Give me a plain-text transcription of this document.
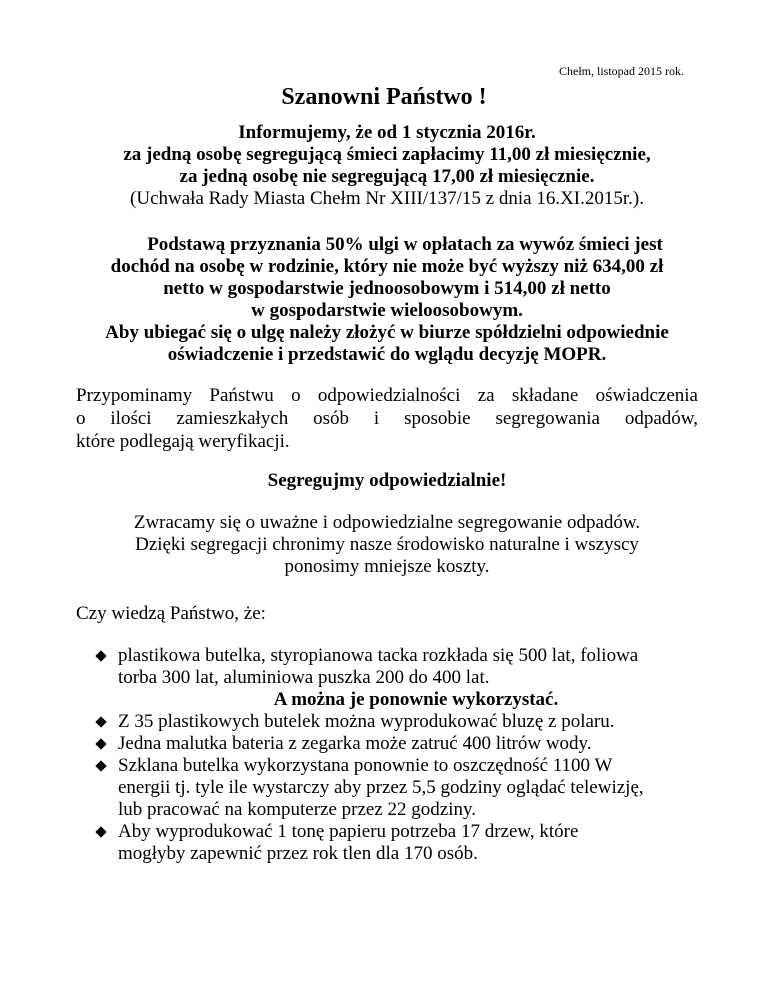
Chełm, listopad 2015 rok.
Szanowni Państwo !
Informujemy, że od 1 stycznia 2016r.
za jedną osobę segregującą śmieci zapłacimy 11,00 zł miesięcznie,
za jedną osobę nie segregującą 17,00 zł miesięcznie.
(Uchwała Rady Miasta Chełm Nr XIII/137/15 z dnia 16.XI.2015r.).
Podstawą przyznania 50% ulgi w opłatach za wywóz śmieci jest
dochód na osobę w rodzinie, który nie może być wyższy niż 634,00 zł
netto w gospodarstwie jednoosobowym i 514,00 zł netto
w gospodarstwie wieloosobowym.
Aby ubiegać się o ulgę należy złożyć w biurze spółdzielni odpowiednie
oświadczenie i przedstawić do wglądu decyzję MOPR.
Przypominamy Państwu o odpowiedzialności za składane oświadczenia
o ilości zamieszkałych osób i sposobie segregowania odpadów,
które podlegają weryfikacji.
Segregujmy odpowiedzialnie!
Zwracamy się o uważne i odpowiedzialne segregowanie odpadów.
Dzięki segregacji chronimy nasze środowisko naturalne i wszyscy
ponosimy mniejsze koszty.
Czy wiedzą Państwo, że:
plastikowa butelka, styropianowa tacka rozkłada się 500 lat, foliowa
torba 300 lat, aluminiowa puszka 200 do 400 lat.
A można je ponownie wykorzystać.
Z 35 plastikowych butelek można wyprodukować bluzę z polaru.
Jedna malutka bateria z zegarka może zatruć 400 litrów wody.
Szklana butelka wykorzystana ponownie to oszczędność 1100 W
energii tj. tyle ile wystarczy aby przez 5,5 godziny oglądać telewizję,
lub pracować na komputerze przez 22 godziny.
Aby wyprodukować 1 tonę papieru potrzeba 17 drzew, które
mogłyby zapewnić przez rok tlen dla 170 osób.
